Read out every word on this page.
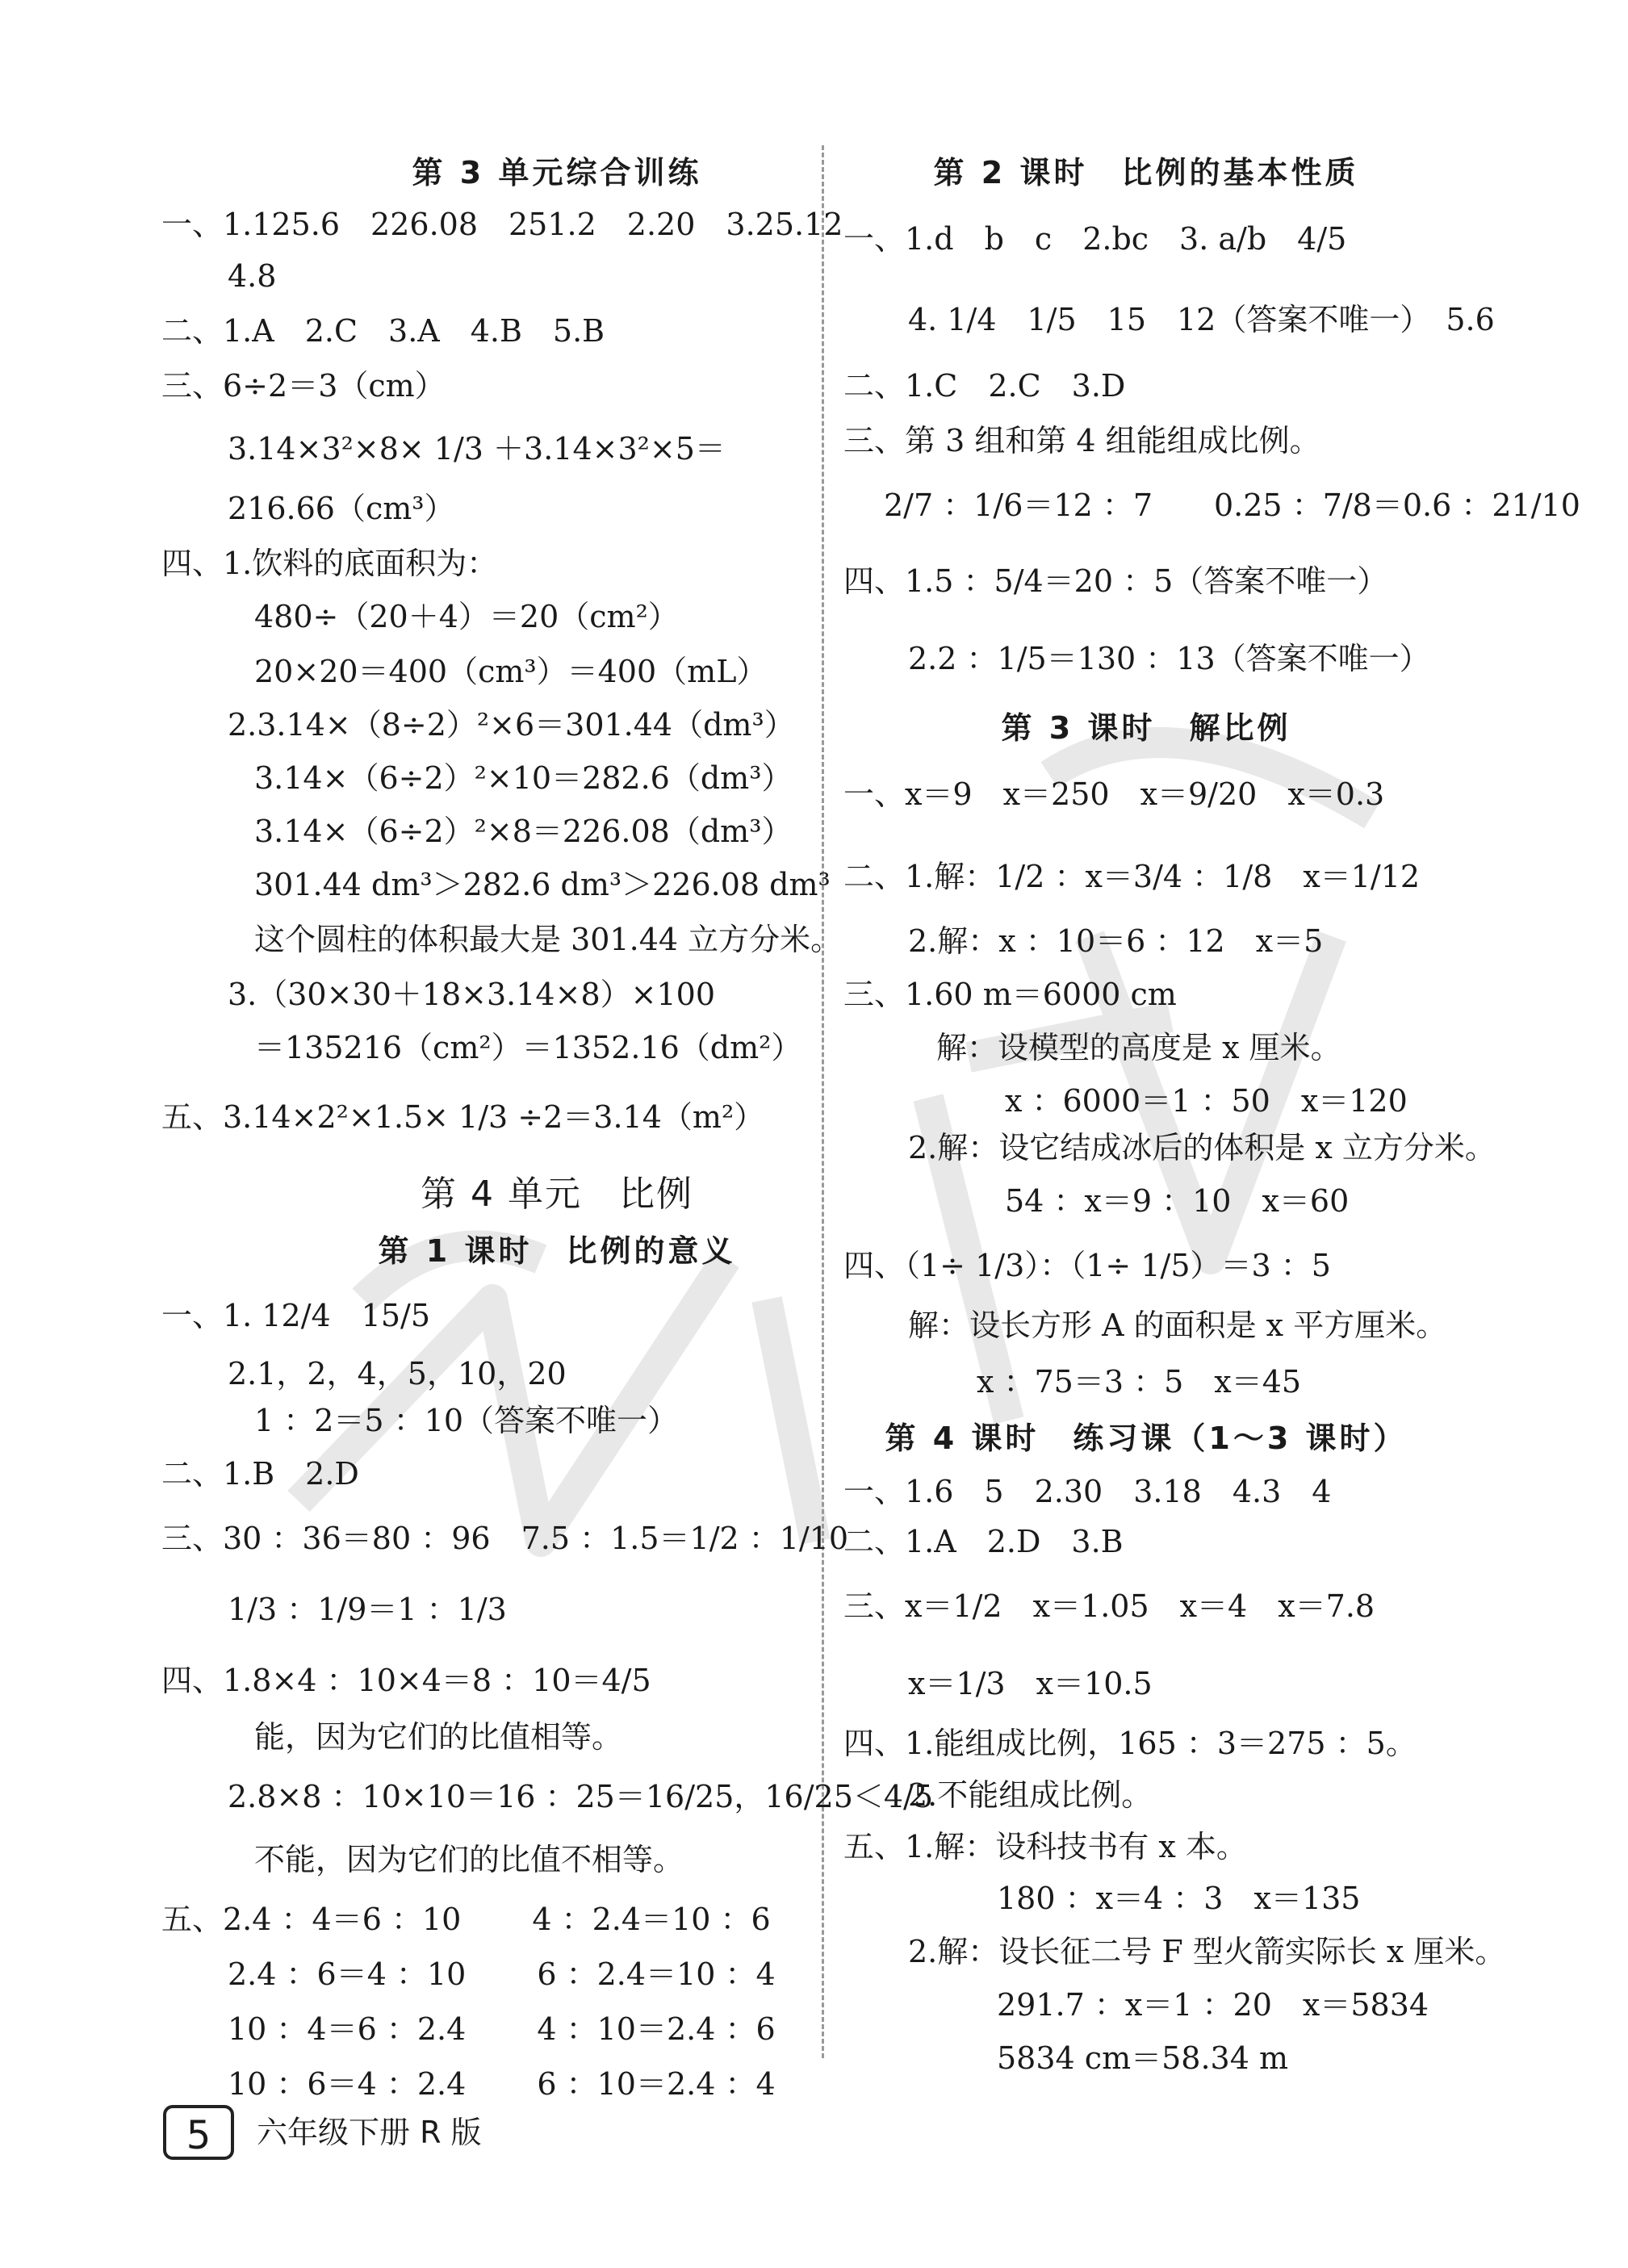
第 3 单元综合训练
一、1.125.6　226.08　251.2　2.20　3.25.12
4.8
二、1.A　2.C　3.A　4.B　5.B
三、6÷2＝3（cm）
3.14×3²×8× 1/3 ＋3.14×3²×5＝
216.66（cm³）
四、1.饮料的底面积为：
480÷（20＋4）＝20（cm²）
20×20＝400（cm³）＝400（mL）
2.3.14×（8÷2）²×6＝301.44（dm³）
3.14×（6÷2）²×10＝282.6（dm³）
3.14×（6÷2）²×8＝226.08（dm³）
301.44 dm³＞282.6 dm³＞226.08 dm³
这个圆柱的体积最大是 301.44 立方分米。
3.（30×30＋18×3.14×8）×100
＝135216（cm²）＝1352.16（dm²）
五、3.14×2²×1.5× 1/3 ÷2＝3.14（m²）
第 4 单元　比例
第 1 课时　比例的意义
一、1. 12/4　15/5
2.1，2，4，5，10，20
1 ：2＝5 ：10（答案不唯一）
二、1.B　2.D
三、30 ：36＝80 ：96　7.5 ：1.5＝1/2 ：1/10
1/3 ：1/9＝1 ：1/3
四、1.8×4 ：10×4＝8 ：10＝4/5
能，因为它们的比值相等。
2.8×8 ：10×10＝16 ：25＝16/25，16/25＜4/5
不能，因为它们的比值不相等。
五、2.4 ：4＝6 ：10　　 4 ：2.4＝10 ：6
2.4 ：6＝4 ：10　　 6 ：2.4＝10 ：4
10 ：4＝6 ：2.4　　 4 ：10＝2.4 ：6
10 ：6＝4 ：2.4　　 6 ：10＝2.4 ：4
第 2 课时　比例的基本性质
一、1.d　b　c　2.bc　3. a/b　4/5
4. 1/4　1/5　15　12（答案不唯一）　5.6
二、1.C　2.C　3.D
三、第 3 组和第 4 组能组成比例。
2/7 ：1/6＝12 ：7　　0.25 ：7/8＝0.6 ：21/10
四、1.5 ：5/4＝20 ：5（答案不唯一）
2.2 ：1/5＝130 ：13（答案不唯一）
第 3 课时　解比例
一、x＝9　x＝250　x＝9/20　x＝0.3
二、1.解：1/2 ：x＝3/4 ：1/8　x＝1/12
2.解：x ：10＝6 ：12　x＝5
三、1.60 m＝6000 cm
解：设模型的高度是 x 厘米。
x ：6000＝1 ：50　x＝120
2.解：设它结成冰后的体积是 x 立方分米。
54 ：x＝9 ：10　x＝60
四、（1÷ 1/3）：（1÷ 1/5）＝3 ：5
解：设长方形 A 的面积是 x 平方厘米。
x ：75＝3 ：5　x＝45
第 4 课时　练习课（1～3 课时）
一、1.6　5　2.30　3.18　4.3　4
二、1.A　2.D　3.B
三、x＝1/2　x＝1.05　x＝4　x＝7.8
x＝1/3　x＝10.5
四、1.能组成比例，165 ：3＝275 ：5。
2.不能组成比例。
五、1.解：设科技书有 x 本。
180 ：x＝4 ：3　x＝135
2.解：设长征二号 F 型火箭实际长 x 厘米。
291.7 ：x＝1 ：20　x＝5834
5834 cm＝58.34 m
5	六年级下册 R 版
